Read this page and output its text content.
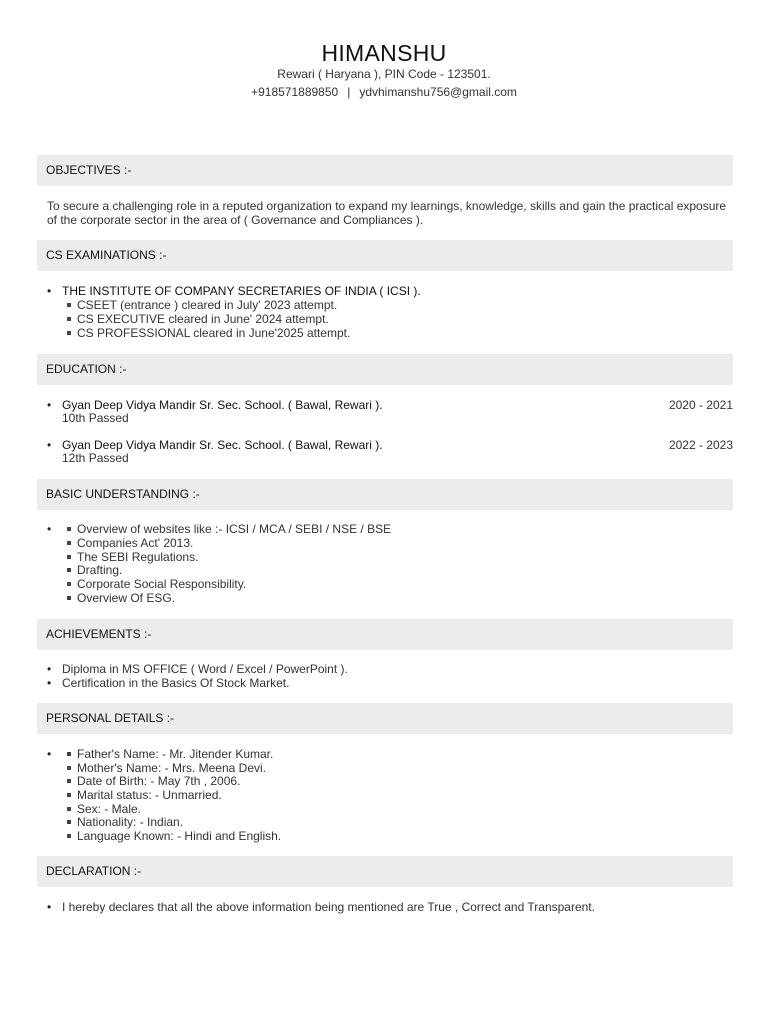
HIMANSHU
Rewari ( Haryana ), PIN Code - 123501.
+918571889850 | ydvhimanshu756@gmail.com
OBJECTIVES :-
To secure a challenging role in a reputed organization to expand my learnings, knowledge, skills and gain the practical exposure of the corporate sector in the area of ( Governance and Compliances ).
CS EXAMINATIONS :-
•
THE INSTITUTE OF COMPANY SECRETARIES OF INDIA ( ICSI ).
CSEET (entrance ) cleared in July' 2023 attempt.
CS EXECUTIVE cleared in June' 2024 attempt.
CS PROFESSIONAL cleared in June'2025 attempt.
EDUCATION :-
•
Gyan Deep Vidya Mandir Sr. Sec. School. ( Bawal, Rewari ).	2020 - 2021
10th Passed
•
Gyan Deep Vidya Mandir Sr. Sec. School. ( Bawal, Rewari ).	2022 - 2023
12th Passed
BASIC UNDERSTANDING :-
•
Overview of websites like :- ICSI / MCA / SEBI / NSE / BSE
Companies Act' 2013.
The SEBI Regulations.
Drafting.
Corporate Social Responsibility.
Overview Of ESG.
ACHIEVEMENTS :-
•
Diploma in MS OFFICE ( Word / Excel / PowerPoint ).
•
Certification in the Basics Of Stock Market.
PERSONAL DETAILS :-
•
Father's Name: - Mr. Jitender Kumar.
Mother's Name: - Mrs. Meena Devi.
Date of Birth: - May 7th , 2006.
Marital status: - Unmarried.
Sex: - Male.
Nationality: - Indian.
Language Known: - Hindi and English.
DECLARATION :-
•
I hereby declares that all the above information being mentioned are True , Correct and Transparent.
